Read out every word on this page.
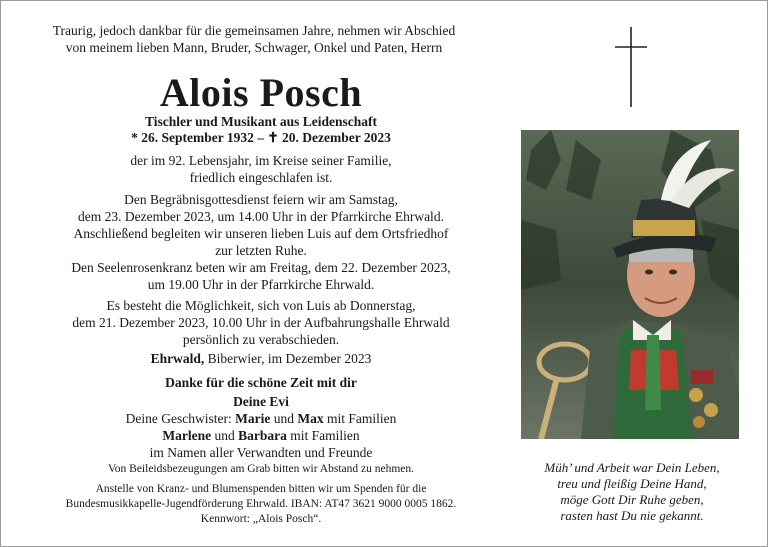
Traurig, jedoch dankbar für die gemeinsamen Jahre, nehmen wir Abschied
von meinem lieben Mann, Bruder, Schwager, Onkel und Paten, Herrn
Alois Posch
Tischler und Musikant aus Leidenschaft
* 26. September 1932 – ✝ 20. Dezember 2023
der im 92. Lebensjahr, im Kreise seiner Familie,
friedlich eingeschlafen ist.
Den Begräbnisgottesdienst feiern wir am Samstag,
dem 23. Dezember 2023, um 14.00 Uhr in der Pfarrkirche Ehrwald.
Anschließend begleiten wir unseren lieben Luis auf dem Ortsfriedhof
zur letzten Ruhe.
Den Seelenrosenkranz beten wir am Freitag, dem 22. Dezember 2023,
um 19.00 Uhr in der Pfarrkirche Ehrwald.
Es besteht die Möglichkeit, sich von Luis ab Donnerstag,
dem 21. Dezember 2023, 10.00 Uhr in der Aufbahrungshalle Ehrwald
persönlich zu verabschieden.
Ehrwald, Biberwier, im Dezember 2023
Danke für die schöne Zeit mit dir
Deine Evi
Deine Geschwister: Marie und Max mit Familien
Marlene und Barbara mit Familien
im Namen aller Verwandten und Freunde
Von Beileidsbezeugungen am Grab bitten wir Abstand zu nehmen.
Anstelle von Kranz- und Blumenspenden bitten wir um Spenden für die
Bundesmusikkapelle-Jugendförderung Ehrwald. IBAN: AT47 3621 9000 0005 1862.
Kennwort: „Alois Posch“.
Müh’ und Arbeit war Dein Leben,
treu und fleißig Deine Hand,
möge Gott Dir Ruhe geben,
rasten hast Du nie gekannt.
